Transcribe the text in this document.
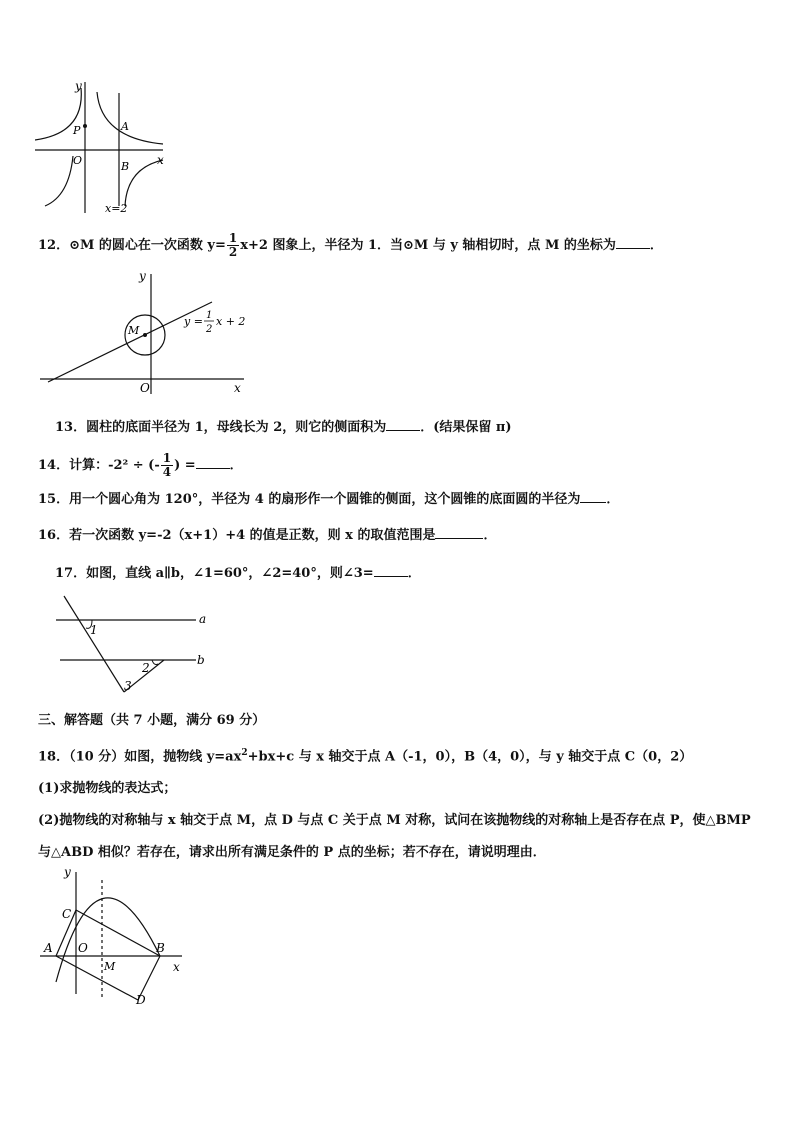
y
x
P
O
A
B
x=2
12．⊙M 的圆心在一次函数 $y= \frac{1}{2} x+2$ 图象上，半径为 1．当⊙M 与 y 轴相切时，点 M 的坐标为	．
y
x
O
M
y = 1
2
x + 2
13．圆柱的底面半径为 1，母线长为 2，则它的侧面积为	．(结果保留 π)
14．计算：-2² ÷ (- $\frac{1}{4}$ ) =	．
15．用一个圆心角为 120°，半径为 4 的扇形作一个圆锥的侧面，这个圆锥的底面圆的半径为 ．
16．若一次函数 y=-2（x+1）+4 的值是正数，则 x 的取值范围是	．
17．如图，直线 a∥b，∠1=60°，∠2=40°，则∠3=	．
a
b
1
2
3
三、解答题（共 7 小题，满分 69 分）
18．（10 分）如图，抛物线 $y=ax^2+bx+c$ 与 x 轴交于点 A（-1，0），B（4，0），与 y 轴交于点 C（0，2）
(1)求抛物线的表达式；
(2)抛物线的对称轴与 x 轴交于点 M，点 D 与点 C 关于点 M 对称，试问在该抛物线的对称轴上是否存在点 P，使△BMP
与△ABD 相似？若存在，请求出所有满足条件的 P 点的坐标；若不存在，请说明理由．
y
x
C
A O
M
B
D
